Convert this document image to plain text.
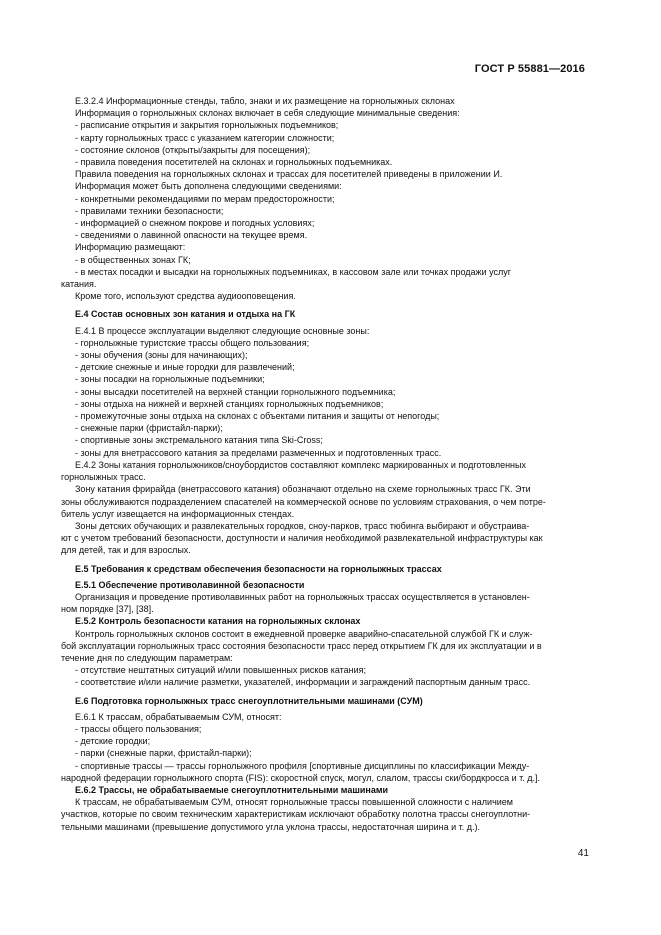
ГОСТ Р 55881—2016

Е.3.2.4 Информационные стенды, табло, знаки и их размещение на горнолыжных склонах

Информация о горнолыжных склонах включает в себя следующие минимальные сведения:

- расписание открытия и закрытия горнолыжных подъемников;

- карту горнолыжных трасс с указанием категории сложности;

- состояние склонов (открыты/закрыты для посещения);

- правила поведения посетителей на склонах и горнолыжных подъемниках.

Правила поведения на горнолыжных склонах и трассах для посетителей приведены в приложении И.

Информация может быть дополнена следующими сведениями:

- конкретными рекомендациями по мерам предосторожности;

- правилами техники безопасности;

- информацией о снежном покрове и погодных условиях;

- сведениями о лавинной опасности на текущее время.

Информацию размещают:

- в общественных зонах ГК;

- в местах посадки и высадки на горнолыжных подъемниках, в кассовом зале или точках продажи услуг

катания.

Кроме того, используют средства аудиооповещения.

Е.4 Состав основных зон катания и отдыха на ГК

Е.4.1 В процессе эксплуатации выделяют следующие основные зоны:

- горнолыжные туристские трассы общего пользования;

- зоны обучения (зоны для начинающих);

- детские снежные и иные городки для развлечений;

- зоны посадки на горнолыжные подъемники;

- зоны высадки посетителей на верхней станции горнолыжного подъемника;

- зоны отдыха на нижней и верхней станциях горнолыжных подъемников;

- промежуточные зоны отдыха на склонах с объектами питания и защиты от непогоды;

- снежные парки (фристайл-парки);

- спортивные зоны экстремального катания типа Ski-Cross;

- зоны для внетрассового катания за пределами размеченных и подготовленных трасс.

Е.4.2 Зоны катания горнолыжников/сноубордистов составляют комплекс маркированных и подготовленных

горнолыжных трасс.

Зону катания фрирайда (внетрассового катания) обозначают отдельно на схеме горнолыжных трасс ГК. Эти

зоны обслуживаются подразделением спасателей на коммерческой основе по условиям страхования, о чем потре-

битель услуг извещается на информационных стендах.

Зоны детских обучающих и развлекательных городков, сноу-парков, трасс тюбинга выбирают и обустраива-

ют с учетом требований безопасности, доступности и наличия необходимой развлекательной инфраструктуры как

для детей, так и для взрослых.

Е.5 Требования к средствам обеспечения безопасности на горнолыжных трассах

Е.5.1 Обеспечение противолавинной безопасности

Организация и проведение противолавинных работ на горнолыжных трассах осуществляется в установлен-

ном порядке [37], [38].

Е.5.2 Контроль безопасности катания на горнолыжных склонах

Контроль горнолыжных склонов состоит в ежедневной проверке аварийно-спасательной службой ГК и служ-

бой эксплуатации горнолыжных трасс состояния безопасности трасс перед открытием ГК для их эксплуатации и в

течение дня по следующим параметрам:

- отсутствие нештатных ситуаций и/или повышенных рисков катания;

- соответствие и/или наличие разметки, указателей, информации и заграждений паспортным данным трасс.

Е.6 Подготовка горнолыжных трасс снегоуплотнительными машинами (СУМ)

Е.6.1 К трассам, обрабатываемым СУМ, относят:

- трассы общего пользования;

- детские городки;

- парки (снежные парки, фристайл-парки);

- спортивные трассы — трассы горнолыжного профиля [спортивные дисциплины по классификации Между-

народной федерации горнолыжного спорта (FIS): скоростной спуск, могул, слалом, трассы ски/бордкросса и т. д.].

Е.6.2 Трассы, не обрабатываемые снегоуплотнительными машинами

К трассам, не обрабатываемым СУМ, относят горнолыжные трассы повышенной сложности с наличием

участков, которые по своим техническим характеристикам исключают обработку полотна трассы снегоуплотни-

тельными машинами (превышение допустимого угла уклона трассы, недостаточная ширина и т. д.).

41
